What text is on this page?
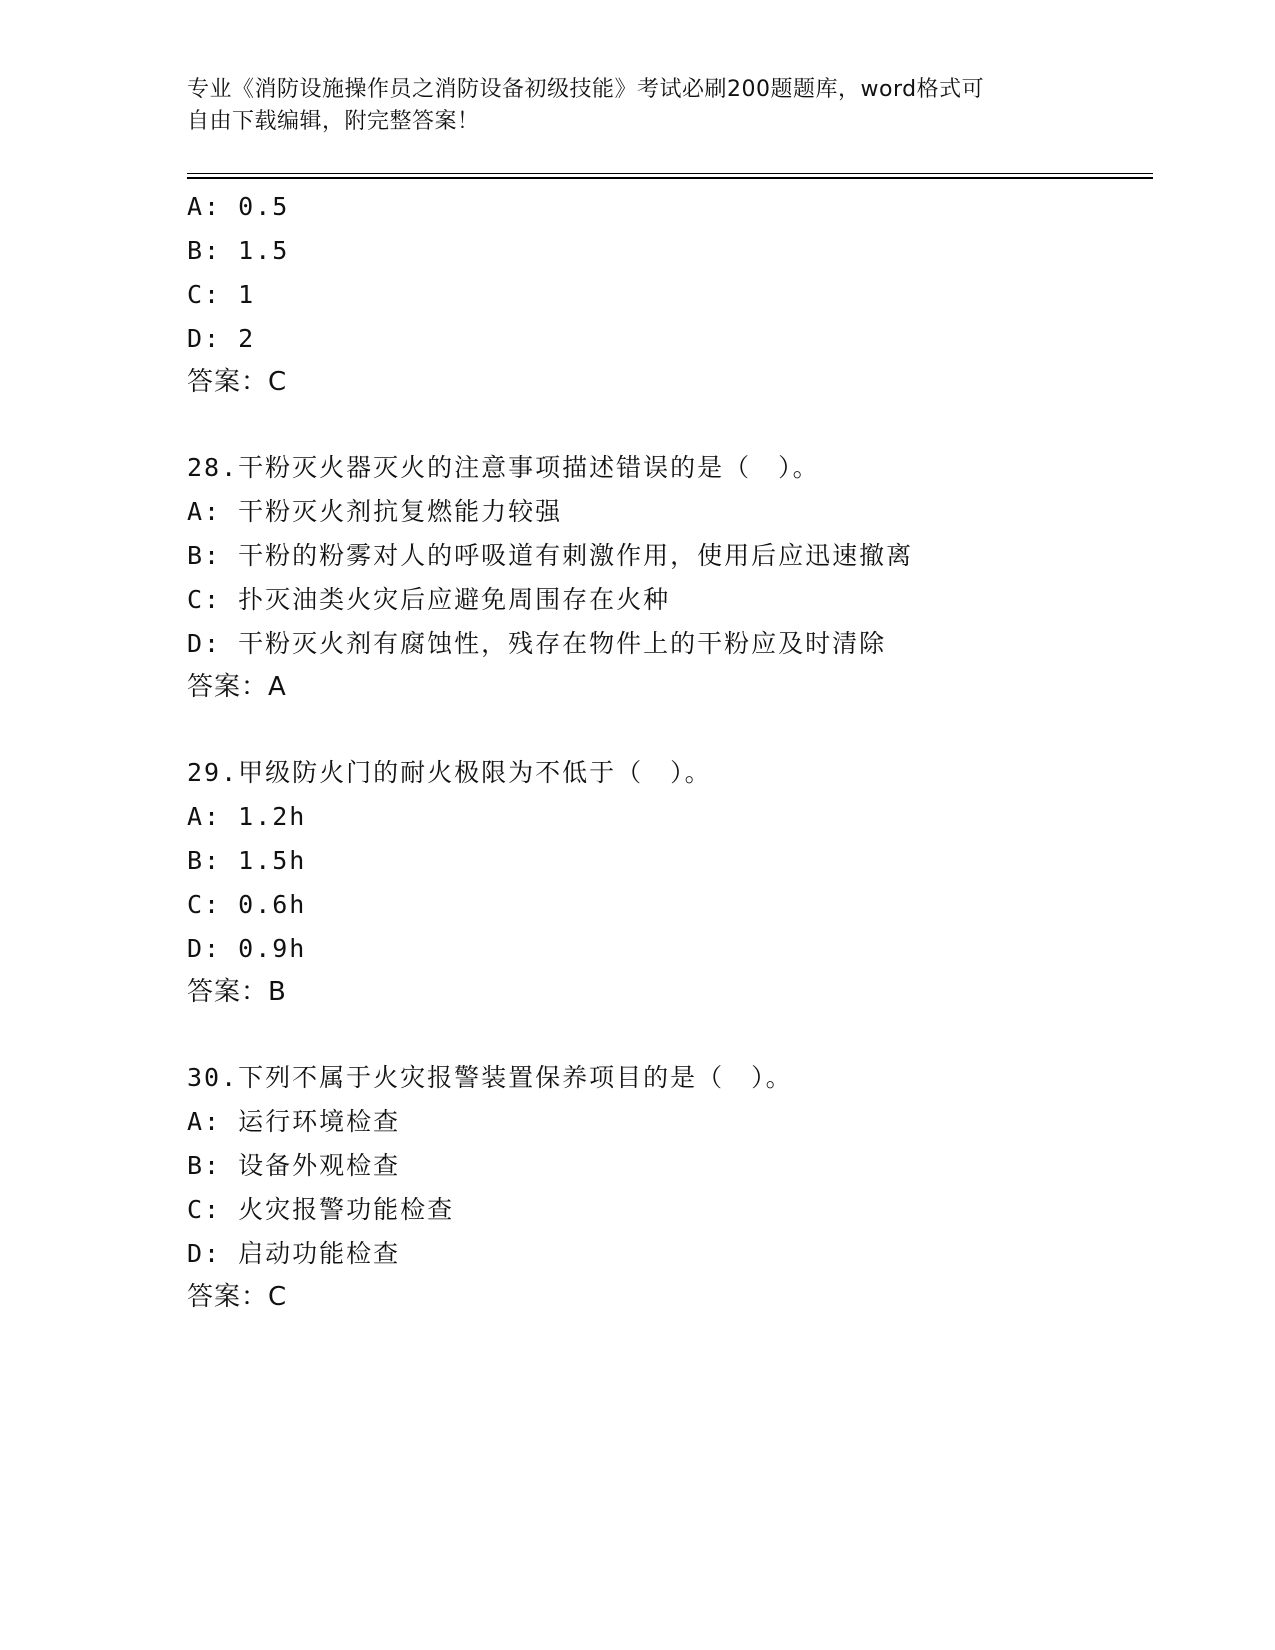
专业《消防设施操作员之消防设备初级技能》考试必刷200题题库，word格式可
自由下载编辑，附完整答案！
A: 0.5
B: 1.5
C: 1
D: 2
答案：C
28.干粉灭火器灭火的注意事项描述错误的是（　）。
A: 干粉灭火剂抗复燃能力较强
B: 干粉的粉雾对人的呼吸道有刺激作用，使用后应迅速撤离
C: 扑灭油类火灾后应避免周围存在火种
D: 干粉灭火剂有腐蚀性，残存在物件上的干粉应及时清除
答案：A
29.甲级防火门的耐火极限为不低于（　）。
A: 1.2h
B: 1.5h
C: 0.6h
D: 0.9h
答案：B
30.下列不属于火灾报警装置保养项目的是（　）。
A: 运行环境检查
B: 设备外观检查
C: 火灾报警功能检查
D: 启动功能检查
答案：C
